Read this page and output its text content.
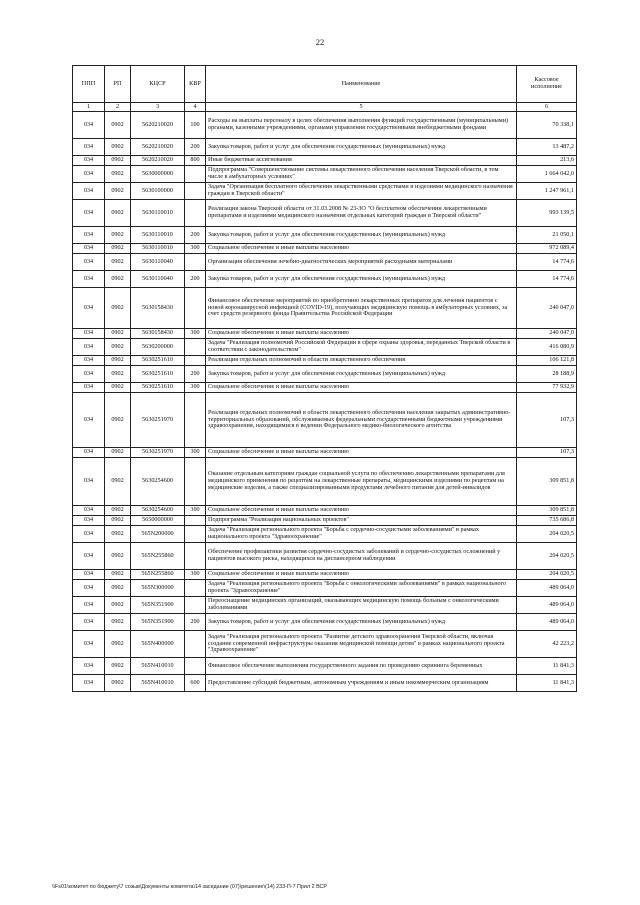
22
ППП	РП	КЦСР	КВР	Наименование	Кассовое исполнение
1	2	3	4	5	6
034	0902	5620210020	100	Расходы на выплаты персоналу в целях обеспечения выполнения функций государственными (муниципальными) органами, казенными учреждениями, органами управления государственными внебюджетными фондами	70 338,1
034	0902	5620210020	200	Закупка товаров, работ и услуг для обеспечения государственных (муниципальных) нужд	13 487,2
034	0902	5620210020	800	Иные бюджетные ассигнования	213,6
034	0902	5630000000		Подпрограмма "Совершенствование системы лекарственного обеспечения населения Тверской области, в том числе в амбулаторных условиях"	1 664 042,0
034	0902	5630100000		Задача "Организация бесплатного обеспечения лекарственными средствами и изделиями медицинского назначения граждан в Тверской области"	1 247 961,1
034	0902	5630110010		Реализация закона Тверской области от 31.03.2008 № 23-ЗО "О бесплатном обеспечении лекарственными препаратами и изделиями медицинского назначения отдельных категорий граждан в Тверской области"	993 139,5
034	0902	5630110010	200	Закупка товаров, работ и услуг для обеспечения государственных (муниципальных) нужд	21 050,1
034	0902	5630110010	300	Социальное обеспечение и иные выплаты населению	972 089,4
034	0902	5630110040		Организация обеспечения лечебно-диагностических мероприятий расходными материалами	14 774,6
034	0902	5630110040	200	Закупка товаров, работ и услуг для обеспечения государственных (муниципальных) нужд	14 774,6
034	0902	5630158430		Финансовое обеспечение мероприятий по приобретению лекарственных препаратов для лечения пациентов с новой коронавирусной инфекцией (COVID-19), получающих медицинскую помощь в амбулаторных условиях, за счет средств резервного фонда Правительства Российской Федерации	240 047,0
034	0902	5630158430	300	Социальное обеспечение и иные выплаты населению	240 047,0
034	0902	5630200000		Задача "Реализация полномочий Российской Федерации в сфере охраны здоровья, переданных Тверской области в соответствии с законодательством"	416 080,9
034	0902	5630251610		Реализация отдельных полномочий в области лекарственного обеспечения	106 121,8
034	0902	5630251610	200	Закупка товаров, работ и услуг для обеспечения государственных (муниципальных) нужд	28 188,9
034	0902	5630251610	300	Социальное обеспечение и иные выплаты населению	77 932,9
034	0902	5630251970		Реализация отдельных полномочий в области лекарственного обеспечения населения закрытых административно-территориальных образований, обслуживаемых федеральными государственными бюджетными учреждениями здравоохранения, находящимися в ведении Федерального медико-биологического агентства	107,3
034	0902	5630251970	300	Социальное обеспечение и иные выплаты населению	107,3
034	0902	5630254600		Оказание отдельным категориям граждан социальной услуги по обеспечению лекарственными препаратами для медицинского применения по рецептам на лекарственные препараты, медицинскими изделиями по рецептам на медицинские изделия, а также специализированными продуктами лечебного питания для детей-инвалидов	309 851,8
034	0902	5630254600	300	Социальное обеспечение и иные выплаты населению	309 851,8
034	0902	5650000000		Подпрограмма "Реализация национальных проектов"	735 686,8
034	0902	565N200000		Задача "Реализация регионального проекта "Борьба с сердечно-сосудистыми заболеваниями" в рамках национального проекта "Здравоохранение"	204 020,5
034	0902	565N255860		Обеспечение профилактики развития сердечно-сосудистых заболеваний и сердечно-сосудистых осложнений у пациентов высокого риска, находящихся на диспансерном наблюдении	204 020,5
034	0902	565N255860	300	Социальное обеспечение и иные выплаты населению	204 020,5
034	0902	565N300000		Задача "Реализация регионального проекта "Борьба с онкологическими заболеваниями" в рамках национального проекта "Здравоохранение"	489 064,0
034	0902	565N351900		Переоснащение медицинских организаций, оказывающих медицинскую помощь больным с онкологическими заболеваниями	489 064,0
034	0902	565N351900	200	Закупка товаров, работ и услуг для обеспечения государственных (муниципальных) нужд	489 064,0
034	0902	565N400000		Задача "Реализация регионального проекта "Развитие детского здравоохранения Тверской области, включая создание современной инфраструктуры оказания медицинской помощи детям" в рамках национального проекта "Здравоохранение"	42 223,2
034	0902	565N410010		Финансовое обеспечение выполнения государственного задания по проведению скрининга беременных	11 841,3
034	0902	565N410010	600	Предоставление субсидий бюджетным, автономным учреждениям и иным некоммерческим организациям	11 841,3
\\Fs01\комитет по бюджету\7 созыв\Документы комитета\14 заседание (07)\решение\(14) 233-П-7 Прил 2 ВСР
